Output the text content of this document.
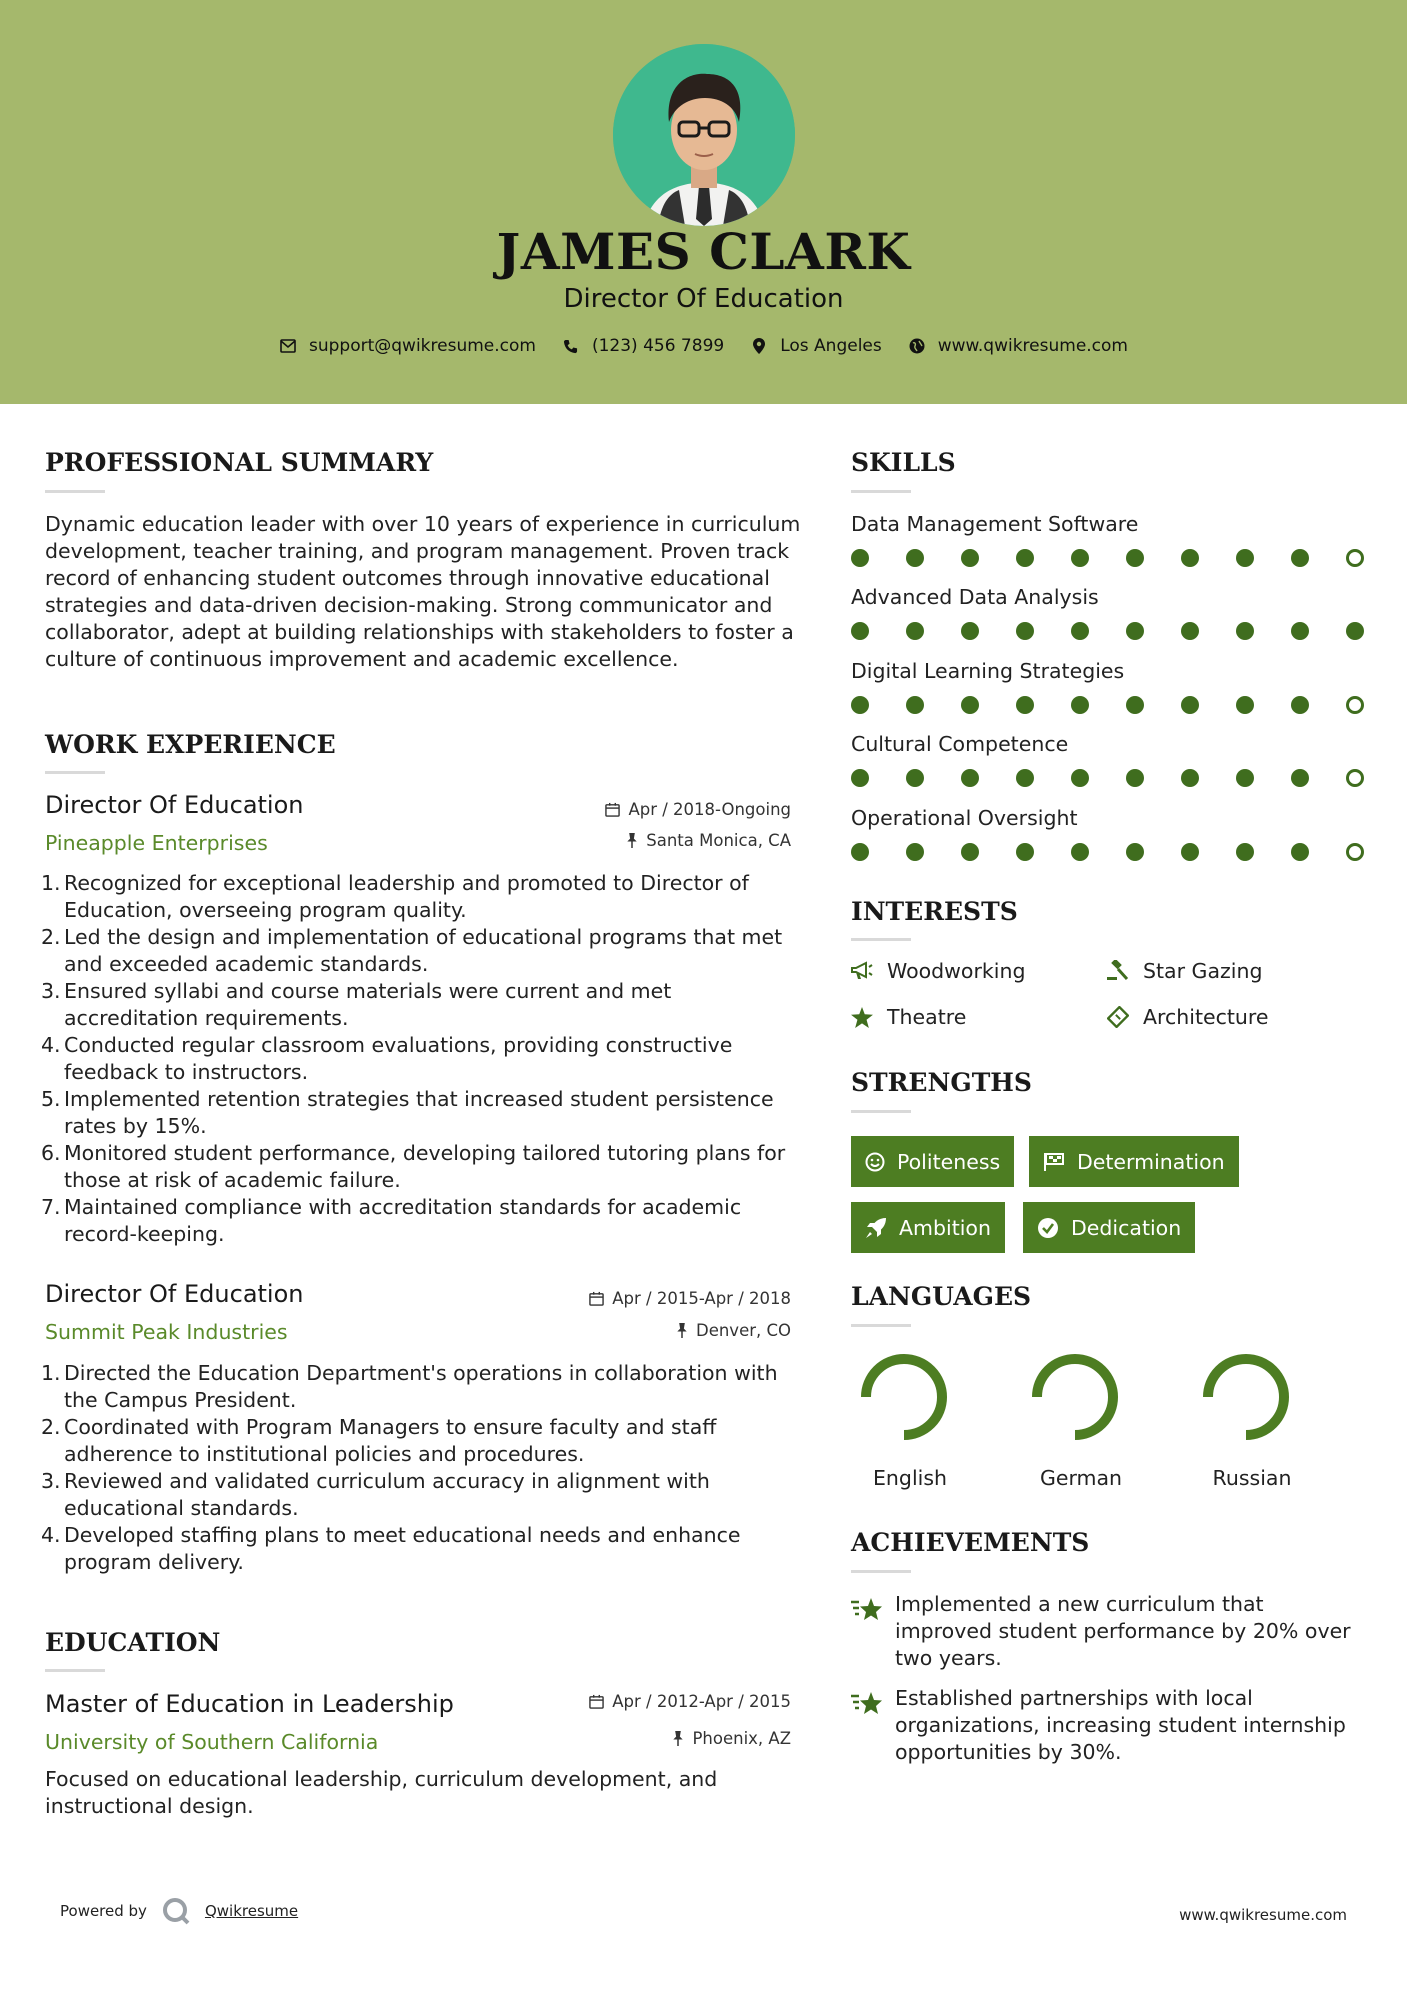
JAMES CLARK
Director Of Education
support@qwikresume.com	(123) 456 7899	Los Angeles	www.qwikresume.com
PROFESSIONAL SUMMARY
Dynamic education leader with over 10 years of experience in curriculum development, teacher training, and program management. Proven track record of enhancing student outcomes through innovative educational strategies and data-driven decision-making. Strong communicator and collaborator, adept at building relationships with stakeholders to foster a culture of continuous improvement and academic excellence.
WORK EXPERIENCE
Director Of Education
Pineapple Enterprises
Apr / 2018-Ongoing
Santa Monica, CA
1. Recognized for exceptional leadership and promoted to Director of Education, overseeing program quality.
2. Led the design and implementation of educational programs that met and exceeded academic standards.
3. Ensured syllabi and course materials were current and met accreditation requirements.
4. Conducted regular classroom evaluations, providing constructive feedback to instructors.
5. Implemented retention strategies that increased student persistence rates by 15%.
6. Monitored student performance, developing tailored tutoring plans for those at risk of academic failure.
7. Maintained compliance with accreditation standards for academic record-keeping.
Director Of Education
Summit Peak Industries
Apr / 2015-Apr / 2018
Denver, CO
1. Directed the Education Department's operations in collaboration with the Campus President.
2. Coordinated with Program Managers to ensure faculty and staff adherence to institutional policies and procedures.
3. Reviewed and validated curriculum accuracy in alignment with educational standards.
4. Developed staffing plans to meet educational needs and enhance program delivery.
EDUCATION
Master of Education in Leadership
University of Southern California
Apr / 2012-Apr / 2015
Phoenix, AZ
Focused on educational leadership, curriculum development, and instructional design.
SKILLS
Data Management Software
Advanced Data Analysis
Digital Learning Strategies
Cultural Competence
Operational Oversight
INTERESTS
Woodworking	Star Gazing
Theatre	Architecture
STRENGTHS
Politeness	Determination
Ambition	Dedication
LANGUAGES
English	German	Russian
ACHIEVEMENTS
Implemented a new curriculum that improved student performance by 20% over two years.
Established partnerships with local organizations, increasing student internship opportunities by 30%.
Powered by	Qwikresume	www.qwikresume.com
